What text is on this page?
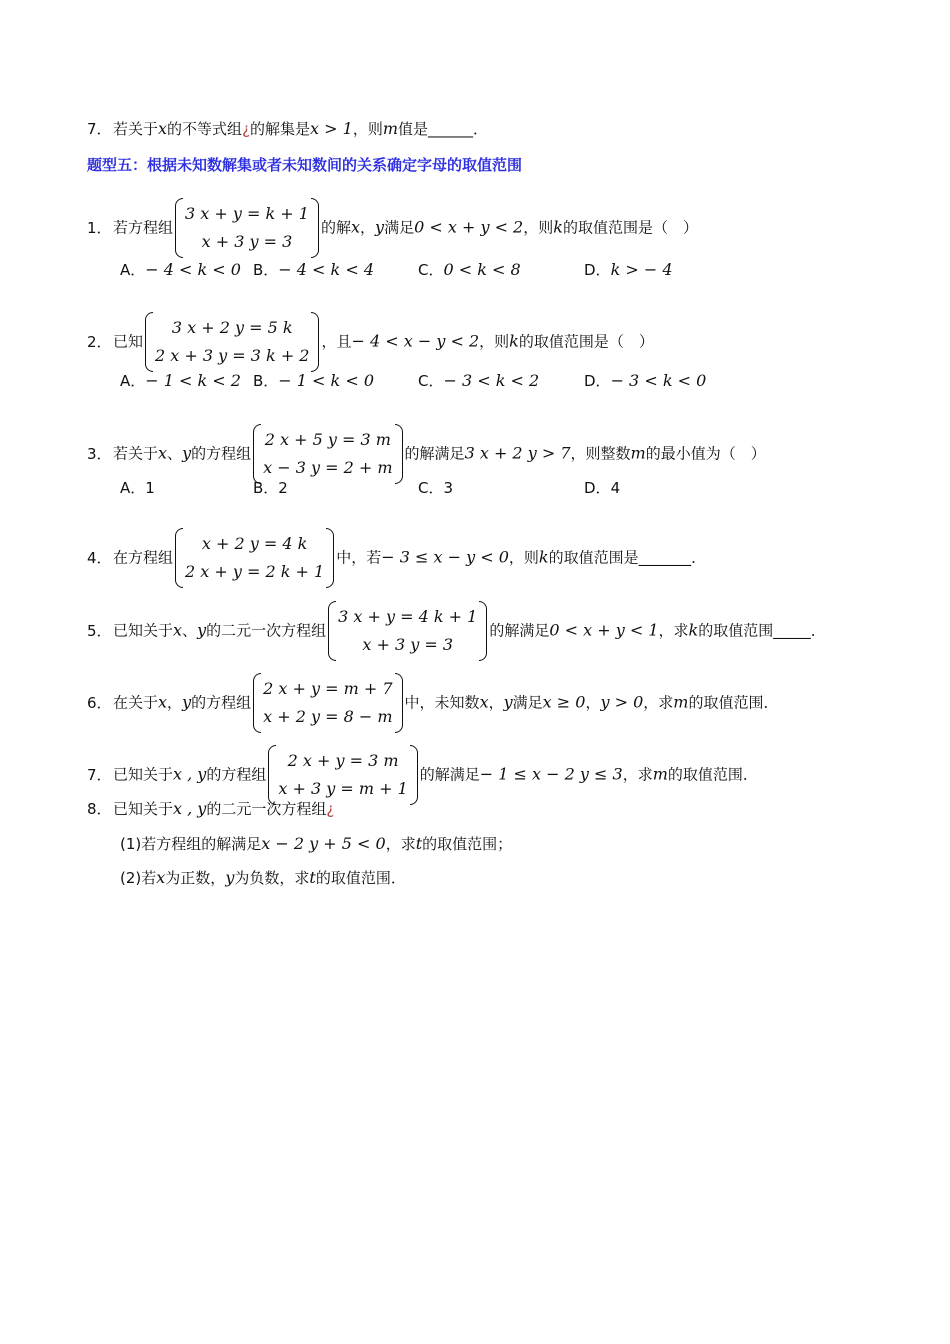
7．若关于x的不等式组¿的解集是x > 1，则m值是______．
题型五：根据未知数解集或者未知数间的关系确定字母的取值范围
1．若方程组
3 x + y = k + 1
x + 3 y = 3
的解x，y满足0 < x + y < 2，则k的取值范围是（　）
A．− 4 < k < 0 B．− 4 < k < 4	C．0 < k < 8	D．k > − 4
2．已知
3 x + 2 y = 5 k
2 x + 3 y = 3 k + 2
，且− 4 < x − y < 2，则k的取值范围是（　）
A．− 1 < k < 2 B．− 1 < k < 0	C．− 3 < k < 2	D．− 3 < k < 0
3．若关于x、y的方程组
2 x + 5 y = 3 m
x − 3 y = 2 + m
的解满足3 x + 2 y > 7，则整数m的最小值为（　）
A．1	B．2	C．3	D．4
4．在方程组
x + 2 y = 4 k
2 x + y = 2 k + 1
中，若− 3 ≤ x − y < 0，则k的取值范围是_______．
5．已知关于x、y的二元一次方程组
3 x + y = 4 k + 1
x + 3 y = 3
的解满足0 < x + y < 1，求k的取值范围_____．
6．在关于x，y的方程组
2 x + y = m + 7
x + 2 y = 8 − m
中，未知数x，y满足x ≥ 0，y > 0，求m的取值范围．
7．已知关于x , y的方程组
2 x + y = 3 m
x + 3 y = m + 1
的解满足− 1 ≤ x − 2 y ≤ 3，求m的取值范围．
8．已知关于x , y的二元一次方程组¿
(1)若方程组的解满足x − 2 y + 5 < 0，求t的取值范围；
(2)若x为正数，y为负数，求t的取值范围．
